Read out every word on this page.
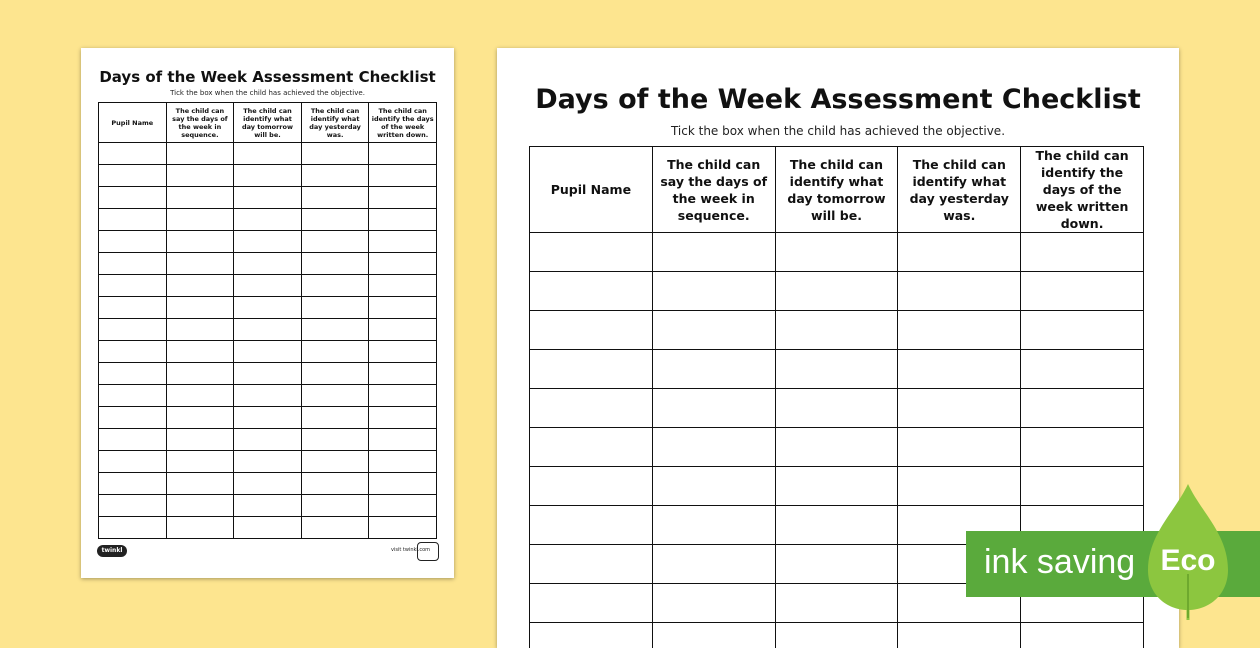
Days of the Week Assessment Checklist
Tick the box when the child has achieved the objective.
Pupil Name	The child can say the days of the week in sequence.	The child can identify what day tomorrow will be.	The child can identify what day yesterday was.	The child can identify the days of the week written down.

twinkl	visit twinkl.com
Days of the Week Assessment Checklist
Tick the box when the child has achieved the objective.
Pupil Name	The child can say the days of the week in sequence.	The child can identify what day tomorrow will be.	The child can identify what day yesterday was.	The child can identify the days of the week written down.

ink saving Eco
